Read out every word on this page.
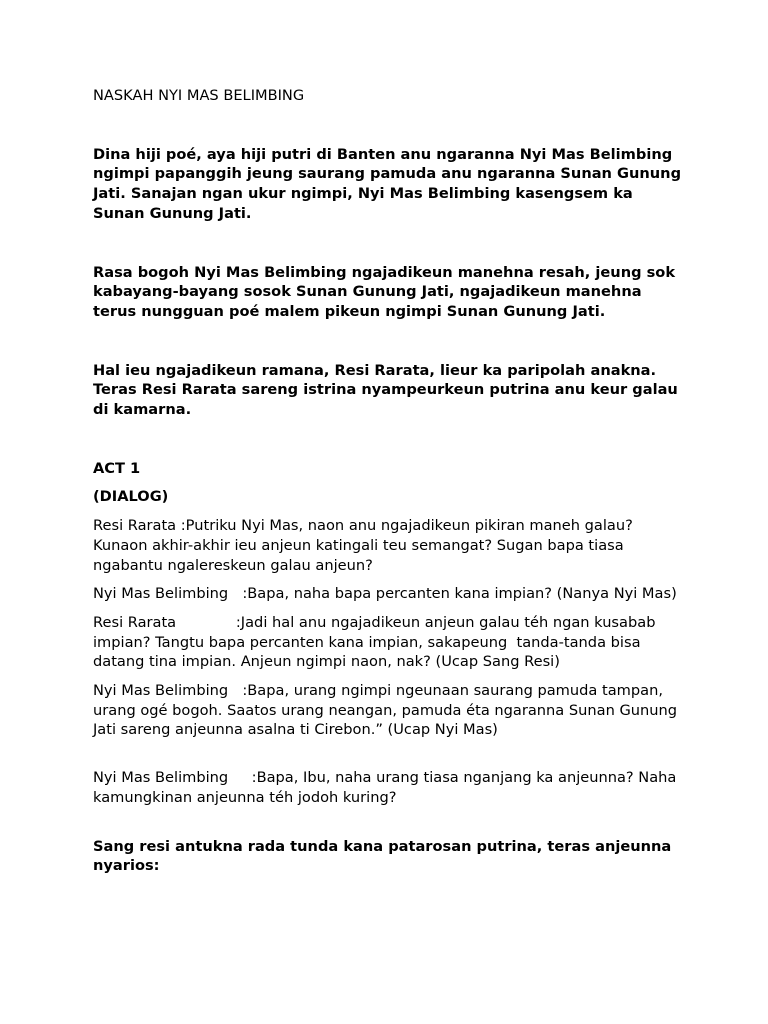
NASKAH NYI MAS BELIMBING

Dina hiji poé, aya hiji putri di Banten anu ngaranna Nyi Mas Belimbing ngimpi papanggih jeung saurang pamuda anu ngaranna Sunan Gunung Jati. Sanajan ngan ukur ngimpi, Nyi Mas Belimbing kasengsem ka Sunan Gunung Jati.

Rasa bogoh Nyi Mas Belimbing ngajadikeun manehna resah, jeung sok kabayang-bayang sosok Sunan Gunung Jati, ngajadikeun manehna terus nungguan poé malem pikeun ngimpi Sunan Gunung Jati.

Hal ieu ngajadikeun ramana, Resi Rarata, lieur ka paripolah anakna. Teras Resi Rarata sareng istrina nyampeurkeun putrina anu keur galau di kamarna.

ACT 1

(DIALOG)

Resi Rarata :Putriku Nyi Mas, naon anu ngajadikeun pikiran maneh galau? Kunaon akhir-akhir ieu anjeun katingali teu semangat? Sugan bapa tiasa ngabantu ngalereskeun galau anjeun?

Nyi Mas Belimbing	:Bapa, naha bapa percanten kana impian? (Nanya Nyi Mas)

Resi Rarata			:Jadi hal anu ngajadikeun anjeun galau téh ngan kusabab impian? Tangtu bapa percanten kana impian, sakapeung  tanda-tanda bisa datang tina impian. Anjeun ngimpi naon, nak? (Ucap Sang Resi)

Nyi Mas Belimbing	:Bapa, urang ngimpi ngeunaan saurang pamuda tampan, urang ogé bogoh. Saatos urang neangan, pamuda éta ngaranna Sunan Gunung Jati sareng anjeunna asalna ti Cirebon.” (Ucap Nyi Mas)

Nyi Mas Belimbing	:Bapa, Ibu, naha urang tiasa nganjang ka anjeunna? Naha kamungkinan anjeunna téh jodoh kuring?

Sang resi antukna rada tunda kana patarosan putrina, teras anjeunna nyarios:
